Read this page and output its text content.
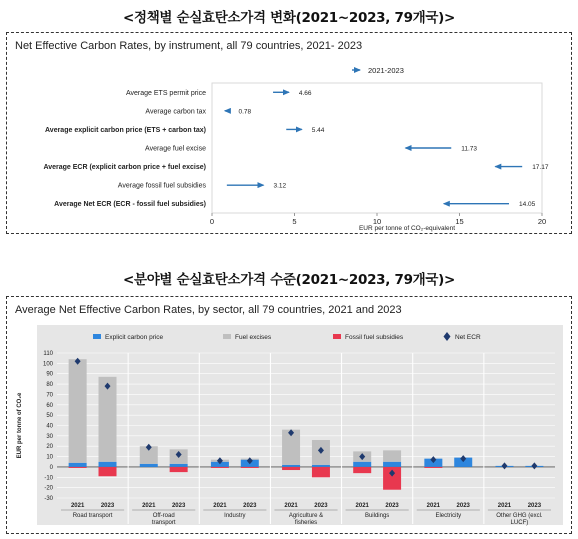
<정책별 순실효탄소가격 변화(2021~2023, 79개국)>
Net Effective Carbon Rates, by instrument, all 79 countries, 2021- 2023
2021-2023
Average ETS permit price	4.66
Average carbon tax	0.78
Average explicit carbon price (ETS + carbon tax)	5.44
Average fuel excise	11.73
Average ECR (explicit carbon price + fuel excise)	17.17
Average fossil fuel subsidies	3.12
Average Net ECR (ECR - fossil fuel subsidies)	14.05
0	5	10	15	20
EUR per tonne of CO₂-equivalent
<분야별 순실효탄소가격 수준(2021~2023, 79개국)>
Average Net Effective Carbon Rates, by sector, all 79 countries, 2021 and 2023
Explicit carbon price	Fuel excises	Fossil fuel subsidies	Net ECR
110
100
90
80
70
60
50
40
30
20
10
0
-10
-20
-30
EUR per tonne of CO₂e
2021	2023
Road transport
2021	2023
Off-road transport
2021	2023
Industry
2021	2023
Agriculture & fisheries
2021	2023
Buildings
2021	2023
Electricity
2021	2023
Other GHG (excl. LUCF)
